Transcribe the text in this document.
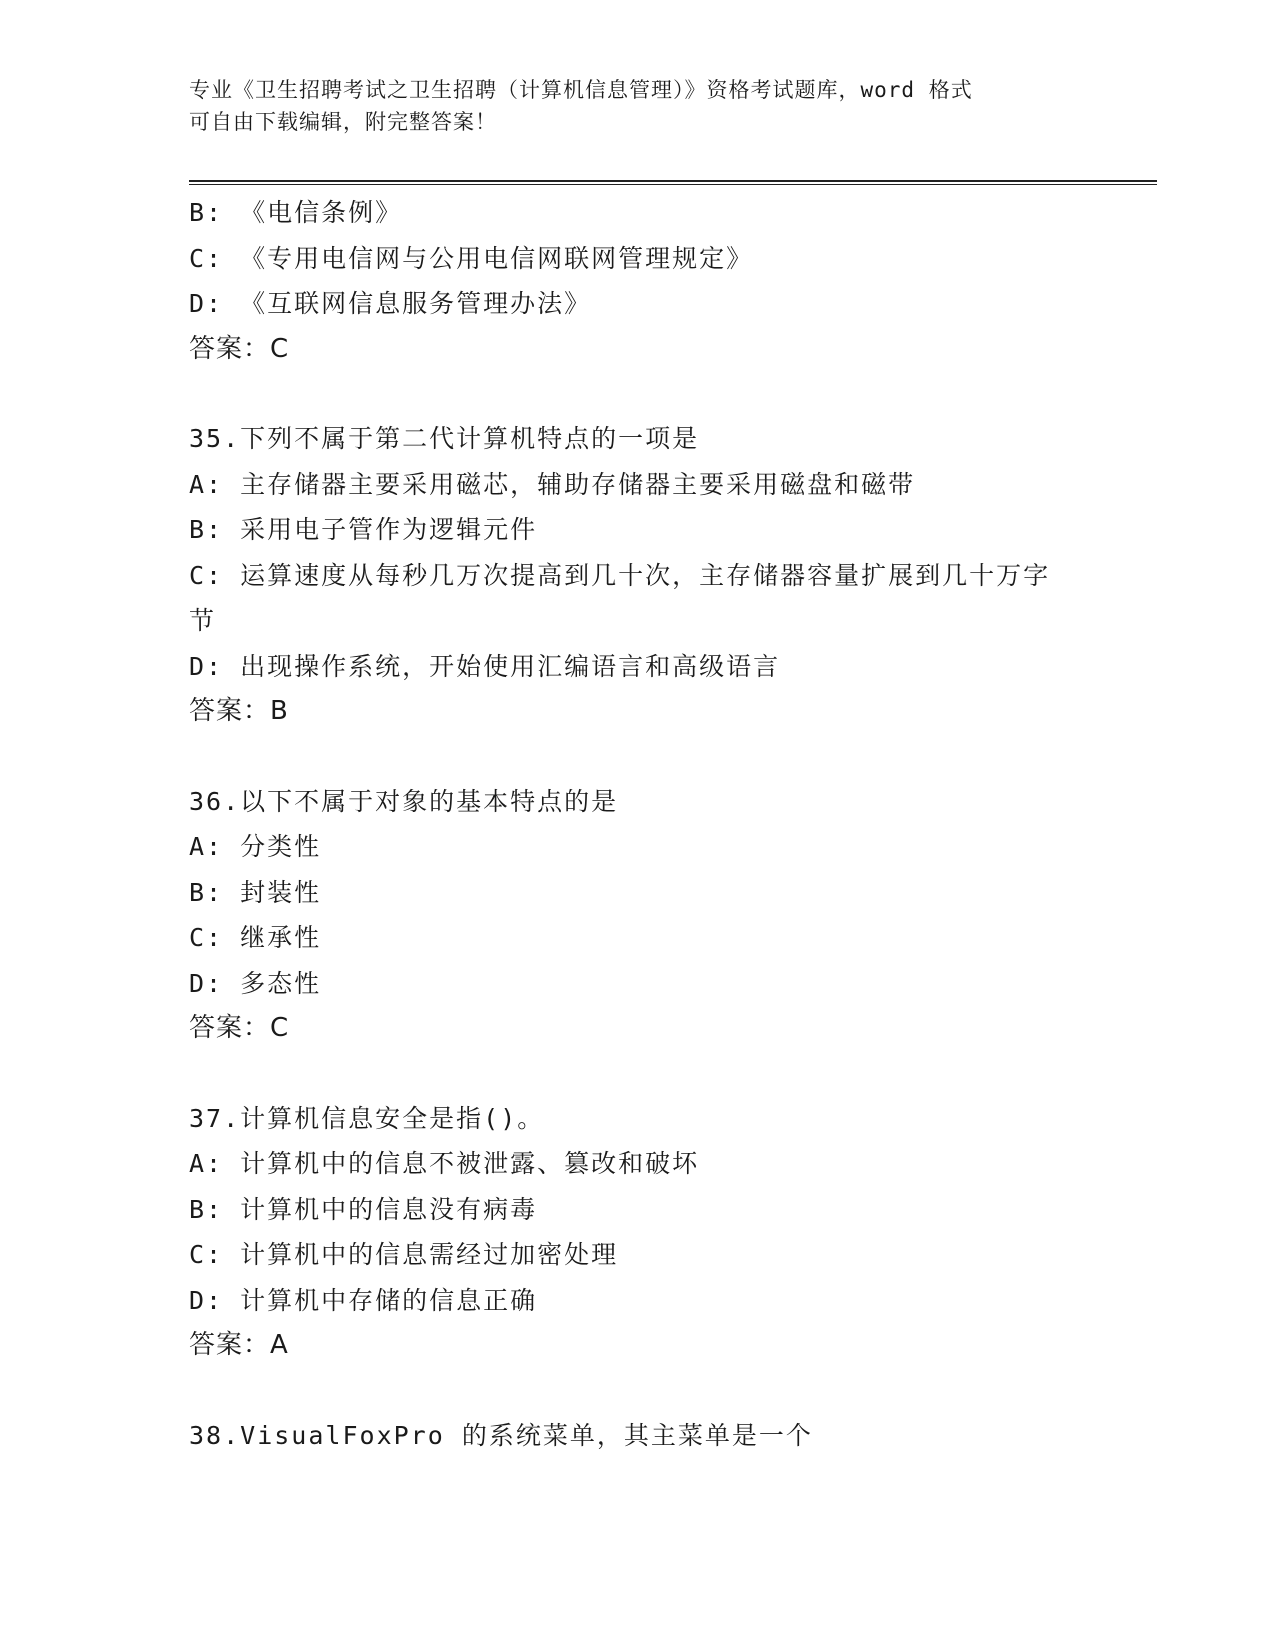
专业《卫生招聘考试之卫生招聘（计算机信息管理）》资格考试题库，word 格式
可自由下载编辑，附完整答案！
B: 《电信条例》
C: 《专用电信网与公用电信网联网管理规定》
D: 《互联网信息服务管理办法》
答案：C
35.下列不属于第二代计算机特点的一项是
A: 主存储器主要采用磁芯，辅助存储器主要采用磁盘和磁带
B: 采用电子管作为逻辑元件
C: 运算速度从每秒几万次提高到几十次，主存储器容量扩展到几十万字节
D: 出现操作系统，开始使用汇编语言和高级语言
答案：B
36.以下不属于对象的基本特点的是
A: 分类性
B: 封装性
C: 继承性
D: 多态性
答案：C
37.计算机信息安全是指()。
A: 计算机中的信息不被泄露、篡改和破坏
B: 计算机中的信息没有病毒
C: 计算机中的信息需经过加密处理
D: 计算机中存储的信息正确
答案：A
38.VisualFoxPro 的系统菜单，其主菜单是一个
